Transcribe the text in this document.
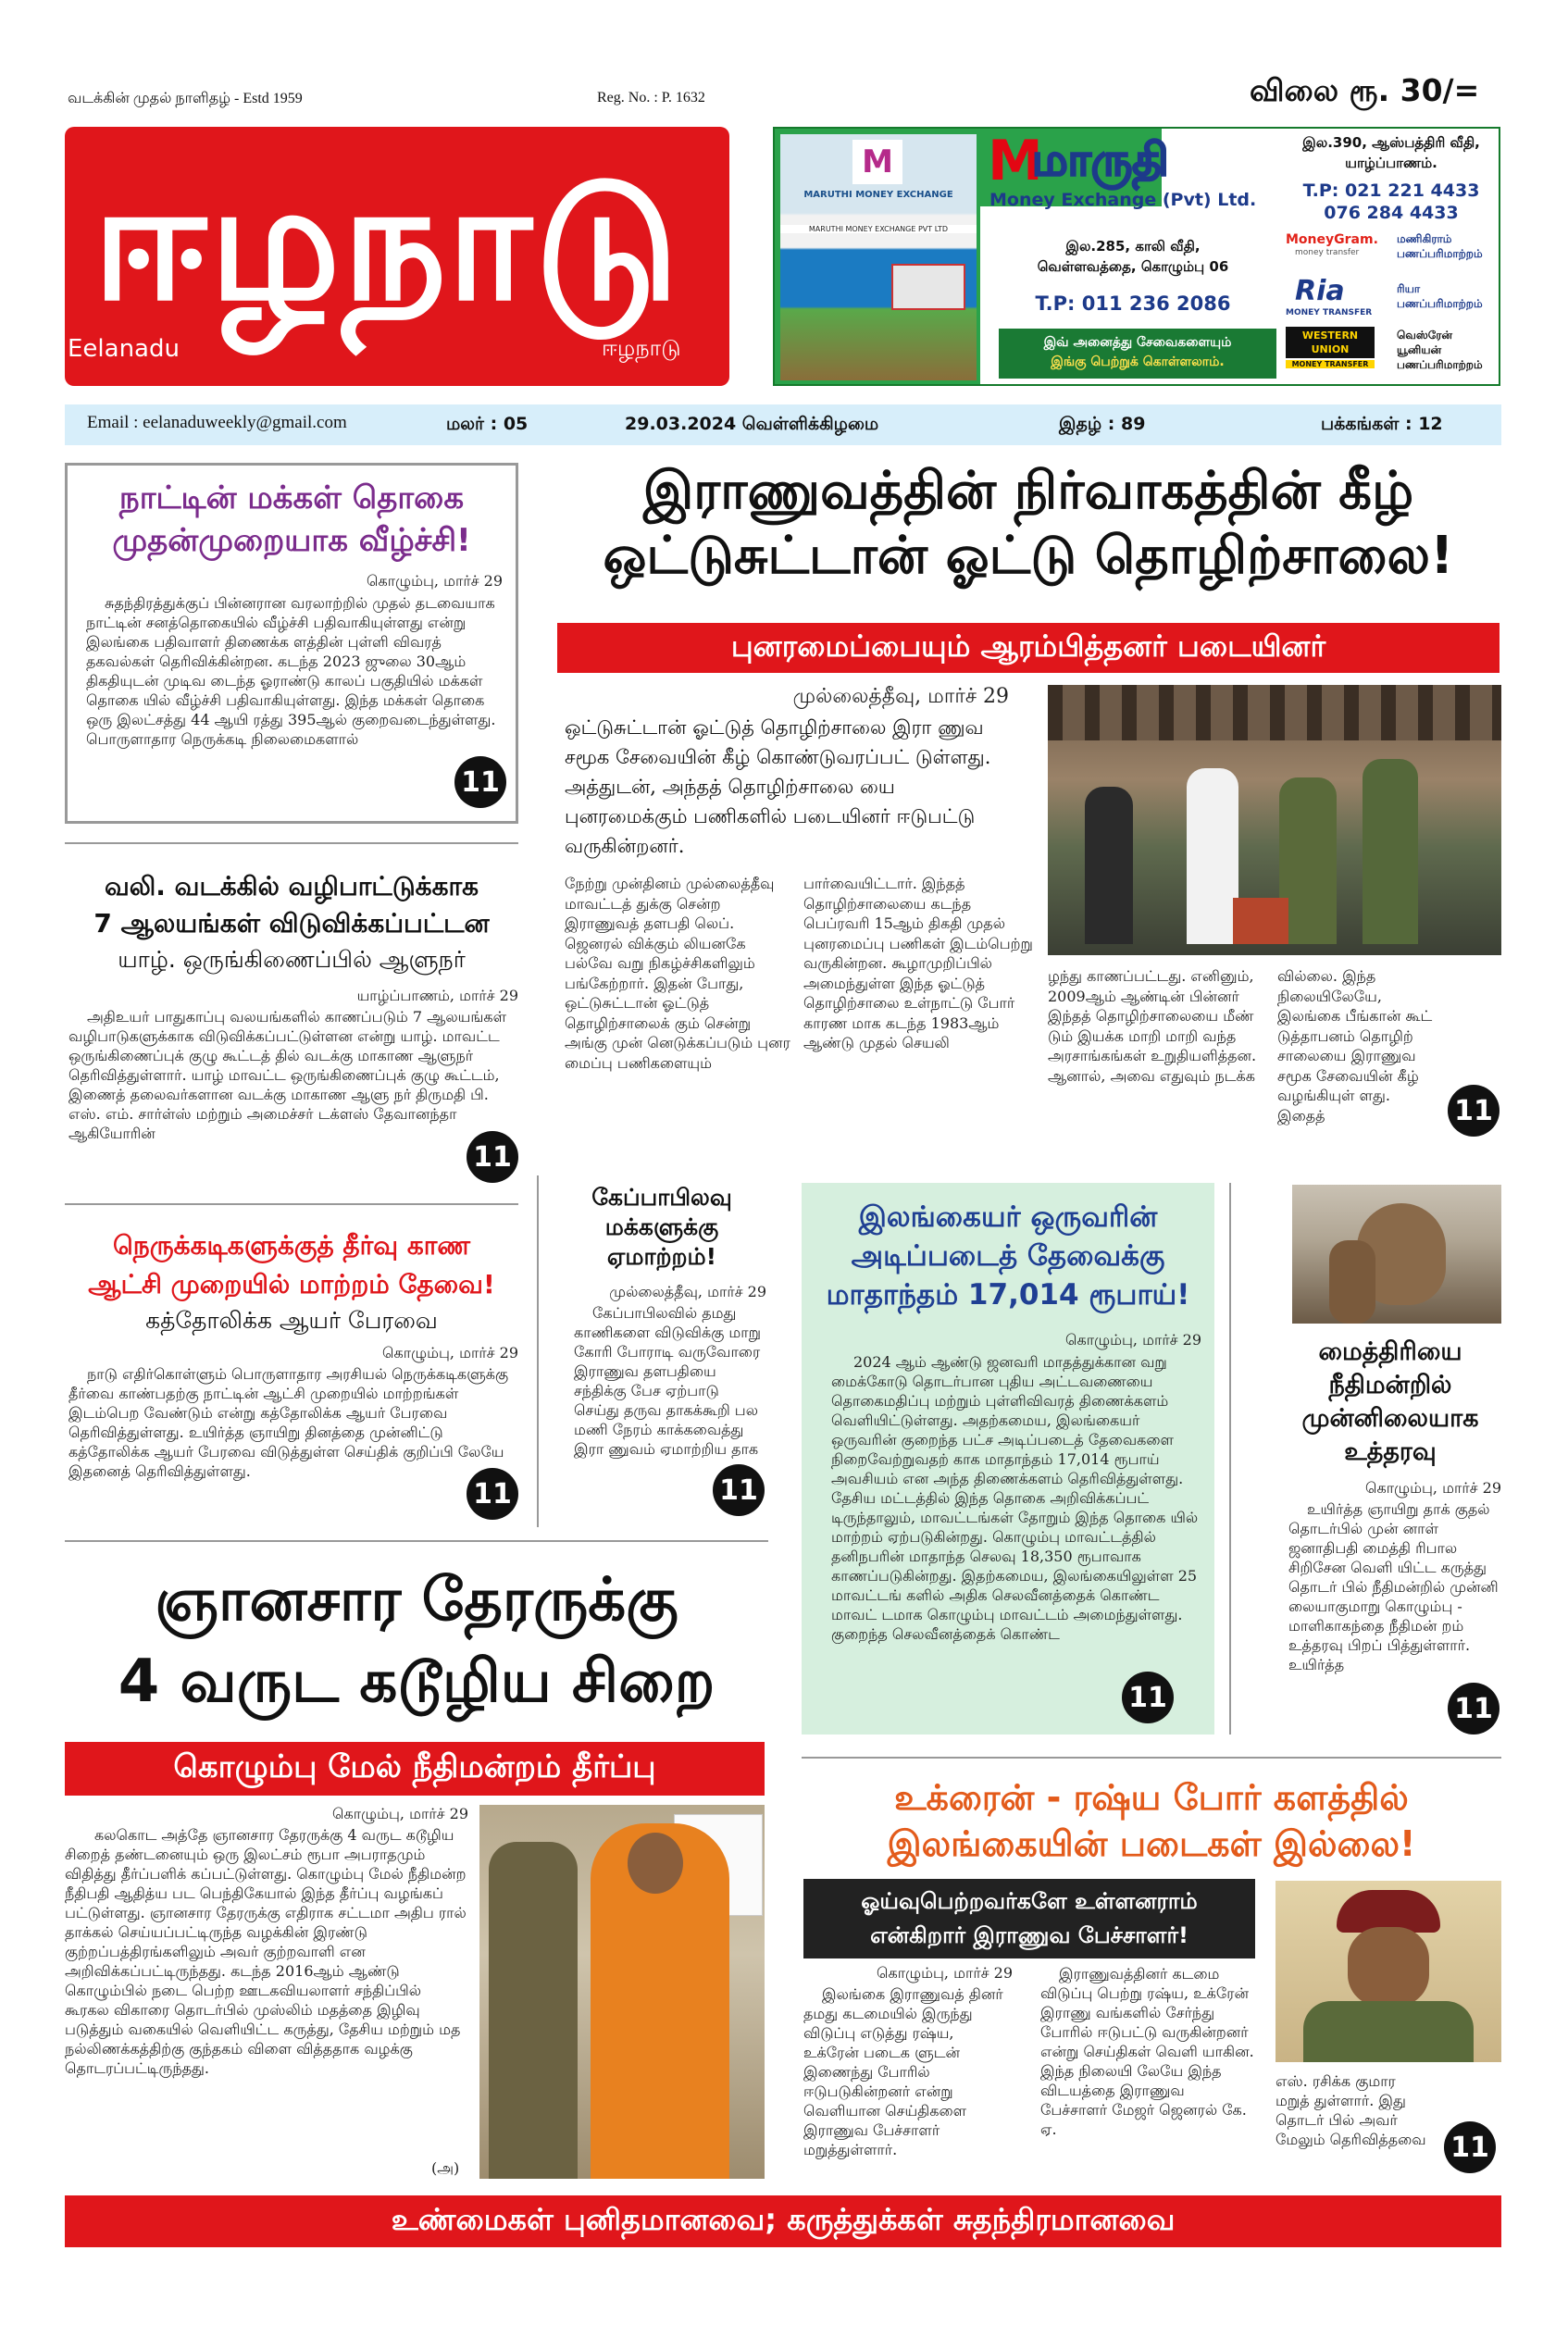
வடக்கின் முதல் நாளிதழ் - Estd 1959	Reg. No. : P. 1632	விலை ரூ. 30/=
ஈழநாடு
Eelanadu	ஈழநாடு
M
MARUTHI MONEY EXCHANGE
MARUTHI MONEY EXCHANGE PVT LTD
M
மாருதி
Money Exchange (Pvt) Ltd.
இல.390, ஆஸ்பத்திரி வீதி,
யாழ்ப்பாணம்.
T.P: 021 221 4433
076 284 4433
இல.285, காலி வீதி,
வெள்ளவத்தை, கொழும்பு 06
T.P: 011 236 2086
இவ் அனைத்து சேவைகளையும்
இங்கு பெற்றுக் கொள்ளலாம்.
MoneyGram.
money transfer
மணிகிராம்
பணப்பரிமாற்றம்
Ria
MONEY TRANSFER
ரியா
பணப்பரிமாற்றம்
WESTERN UNION
MONEY TRANSFER
வெஸ்ரேன்
யூனியன்
பணப்பரிமாற்றம்
Email : eelanaduweekly@gmail.com	மலர் : 05	29.03.2024 வெள்ளிக்கிழமை	இதழ் : 89	பக்கங்கள் : 12
நாட்டின் மக்கள் தொகை
முதன்முறையாக வீழ்ச்சி!
கொழும்பு, மார்ச் 29
சுதந்திரத்துக்குப் பின்னரான வரலாற்றில் முதல் தடவையாக நாட்டின் சனத்தொகையில் வீழ்ச்சி பதிவாகியுள்ளது என்று இலங்கை பதிவாளர் திணைக்க ளத்தின் புள்ளி விவரத் தகவல்கள் தெரிவிக்கின்றன. கடந்த 2023 ஜுலை 30ஆம் திகதியுடன் முடிவ டைந்த ஓராண்டு காலப் பகுதியில் மக்கள் தொகை யில் வீழ்ச்சி பதிவாகியுள்ளது. இந்த மக்கள் தொகை ஒரு இலட்சத்து 44 ஆயி ரத்து 395ஆல் குறைவடைந்துள்ளது. பொருளாதார நெருக்கடி நிலைமைகளால்
11
இராணுவத்தின் நிர்வாகத்தின் கீழ்
ஒட்டுசுட்டான் ஓட்டு தொழிற்சாலை!
புனரமைப்பையும் ஆரம்பித்தனர் படையினர்
முல்லைத்தீவு, மார்ச் 29
ஒட்டுசுட்டான் ஓட்டுத் தொழிற்சாலை இரா ணுவ சமூக சேவையின் கீழ் கொண்டுவரப்பட் டுள்ளது. அத்துடன், அந்தத் தொழிற்சாலை யை புனரமைக்கும் பணிகளில் படையினர் ஈடுபட்டு வருகின்றனர்.
நேற்று முன்தினம் முல்லைத்தீவு மாவட்டத் துக்கு சென்ற இராணுவத் தளபதி லெப். ஜெனரல் விக்கும் லியனகே பல்வே வறு நிகழ்ச்சிகளிலும் பங்கேற்றார். இதன் போது, ஒட்டுசுட்டான் ஓட்டுத் தொழிற்சாலைக் கும் சென்று அங்கு முன் னெடுக்கப்படும் புனர மைப்பு பணிகளையும்
பார்வையிட்டார். இந்தத் தொழிற்சாலையை கடந்த பெப்ரவரி 15ஆம் திகதி முதல் புனரமைப்பு பணிகள் இடம்பெற்று வருகின்றன. கூழாமுறிப்பில் அமைந்துள்ள இந்த ஓட்டுத் தொழிற்சாலை உள்நாட்டு போர் காரண மாக கடந்த 1983ஆம் ஆண்டு முதல் செயலி
ழந்து காணப்பட்டது. எனினும், 2009ஆம் ஆண்டின் பின்னர் இந்தத் தொழிற்சாலையை மீண் டும் இயக்க மாறி மாறி வந்த அரசாங்கங்கள் உறுதியளித்தன. ஆனால், அவை எதுவும் நடக்க
வில்லை. இந்த நிலையிலேயே, இலங்கை பீங்கான் கூட் டுத்தாபனம் தொழிற் சாலையை இராணுவ சமூக சேவையின் கீழ் வழங்கியுள் ளது. இதைத்	11
வலி. வடக்கில் வழிபாட்டுக்காக
7 ஆலயங்கள் விடுவிக்கப்பட்டன
யாழ். ஒருங்கிணைப்பில் ஆளுநர்
யாழ்ப்பாணம், மார்ச் 29
அதிஉயர் பாதுகாப்பு வலயங்களில் காணப்படும் 7 ஆலயங்கள் வழிபாடுகளுக்காக விடுவிக்கப்பட்டுள்ளன என்று யாழ். மாவட்ட ஒருங்கிணைப்புக் குழு கூட்டத் தில் வடக்கு மாகாண ஆளுநர் தெரிவித்துள்ளார். யாழ் மாவட்ட ஒருங்கிணைப்புக் குழு கூட்டம், இணைத் தலைவர்களான வடக்கு மாகாண ஆளு நர் திருமதி பி. எஸ். எம். சார்ள்ஸ் மற்றும் அமைச்சர் டக்ளஸ் தேவானந்தா ஆகியோரின்
11
நெருக்கடிகளுக்குத் தீர்வு காண
ஆட்சி முறையில் மாற்றம் தேவை!
கத்தோலிக்க ஆயர் பேரவை
கொழும்பு, மார்ச் 29
நாடு எதிர்கொள்ளும் பொருளாதார அரசியல் நெருக்கடிகளுக்கு தீர்வை காண்பதற்கு நாட்டின் ஆட்சி முறையில் மாற்றங்கள் இடம்பெற வேண்டும் என்று கத்தோலிக்க ஆயர் பேரவை தெரிவித்துள்ளது. உயிர்த்த ஞாயிறு தினத்தை முன்னிட்டு கத்தோலிக்க ஆயர் பேரவை விடுத்துள்ள செய்திக் குறிப்பி லேயே இதனைத் தெரிவித்துள்ளது.
11
கேப்பாபிலவு
மக்களுக்கு
ஏமாற்றம்!
முல்லைத்தீவு, மார்ச் 29
கேப்பாபிலவில் தமது காணிகளை விடுவிக்கு மாறு கோரி போராடி வருவோரை இராணுவ தளபதியை சந்திக்கு பேச ஏற்பாடு செய்து தருவ தாகக்கூறி பல மணி நேரம் காக்கவைத்து இரா ணுவம் ஏமாற்றிய தாக
11
இலங்கையர் ஒருவரின்
அடிப்படைத் தேவைக்கு
மாதாந்தம் 17,014 ரூபாய்!
கொழும்பு, மார்ச் 29
2024 ஆம் ஆண்டு ஜனவரி மாதத்துக்கான வறு மைக்கோடு தொடர்பான புதிய அட்டவணையை தொகைமதிப்பு மற்றும் புள்ளிவிவரத் திணைக்களம் வெளியிட்டுள்ளது. அதற்கமைய, இலங்கையர் ஒருவரின் குறைந்த பட்ச அடிப்படைத் தேவைகளை நிறைவேற்றுவதற் காக மாதாந்தம் 17,014 ரூபாய் அவசியம் என அந்த திணைக்களம் தெரிவித்துள்ளது. தேசிய மட்டத்தில் இந்த தொகை அறிவிக்கப்பட் டிருந்தாலும், மாவட்டங்கள் தோறும் இந்த தொகை யில் மாற்றம் ஏற்படுகின்றது. கொழும்பு மாவட்டத்தில் தனிநபரின் மாதாந்த செலவு 18,350 ரூபாவாக காணப்படுகின்றது. இதற்கமைய, இலங்கையிலுள்ள 25 மாவட்டங் களில் அதிக செலவீனத்தைக் கொண்ட மாவட் டமாக கொழும்பு மாவட்டம் அமைந்துள்ளது. குறைந்த செலவீனத்தைக் கொண்ட
11
மைத்திரியை
நீதிமன்றில்
முன்னிலையாக
உத்தரவு
கொழும்பு, மார்ச் 29
உயிர்த்த ஞாயிறு தாக் குதல் தொடர்பில் முன் னாள் ஜனாதிபதி மைத்தி ரிபால சிறிசேன வெளி யிட்ட கருத்து தொடர் பில் நீதிமன்றில் முன்னி லையாகுமாறு கொழும்பு - மாளிகாகந்தை நீதிமன் றம் உத்தரவு பிறப் பித்துள்ளார். உயிர்த்த
11
ஞானசார தேரருக்கு
4 வருட கடூழிய சிறை
கொழும்பு மேல் நீதிமன்றம் தீர்ப்பு
கொழும்பு, மார்ச் 29
கலகொட அத்தே ஞானசார தேரருக்கு 4 வருட கடூழிய சிறைத் தண்டனையும் ஒரு இலட்சம் ரூபா அபராதமும் விதித்து தீர்ப்பளிக் கப்பட்டுள்ளது. கொழும்பு மேல் நீதிமன்ற நீதிபதி ஆதித்ய பட பெந்திகேயால் இந்த தீர்ப்பு வழங்கப் பட்டுள்ளது. ஞானசார தேரருக்கு எதிராக சட்டமா அதிப ரால் தாக்கல் செய்யப்பட்டிருந்த வழக்கின் இரண்டு குற்றப்பத்திரங்களிலும் அவர் குற்றவாளி என அறிவிக்கப்பட்டிருந்தது. கடந்த 2016ஆம் ஆண்டு கொழும்பில் நடை பெற்ற ஊடகவியலாளர் சந்திப்பில் கூரகல விகாரை தொடர்பில் முஸ்லிம் மதத்தை இழிவு படுத்தும் வகையில் வெளியிட்ட கருத்து, தேசிய மற்றும் மத நல்லிணக்கத்திற்கு குந்தகம் விளை வித்ததாக வழக்கு தொடரப்பட்டிருந்தது.
(அ)
உக்ரைன் - ரஷ்ய போர் களத்தில்
இலங்கையின் படைகள் இல்லை!
ஓய்வுபெற்றவர்களே உள்ளனராம்
என்கிறார் இராணுவ பேச்சாளர்!
கொழும்பு, மார்ச் 29
இலங்கை இராணுவத் தினர் தமது கடமையில் இருந்து விடுப்பு எடுத்து ரஷ்ய, உக்ரேன் படைக ளுடன் இணைந்து போரில் ஈடுபடுகின்றனர் என்று வெளியான செய்திகளை இராணுவ பேச்சாளர் மறுத்துள்ளார்.
இராணுவத்தினர் கடமை விடுப்பு பெற்று ரஷ்ய, உக்ரேன் இராணு வங்களில் சேர்ந்து போரில் ஈடுபட்டு வருகின்றனர் என்று செய்திகள் வெளி யாகின. இந்த நிலையி லேயே இந்த விடயத்தை இராணுவ பேச்சாளர் மேஜர் ஜெனரல் கே. ஏ.
எஸ். ரசிக்க குமார மறுத் துள்ளார். இது தொடர் பில் அவர் மேலும் தெரிவித்தவை 11
உண்மைகள் புனிதமானவை; கருத்துக்கள் சுதந்திரமானவை
